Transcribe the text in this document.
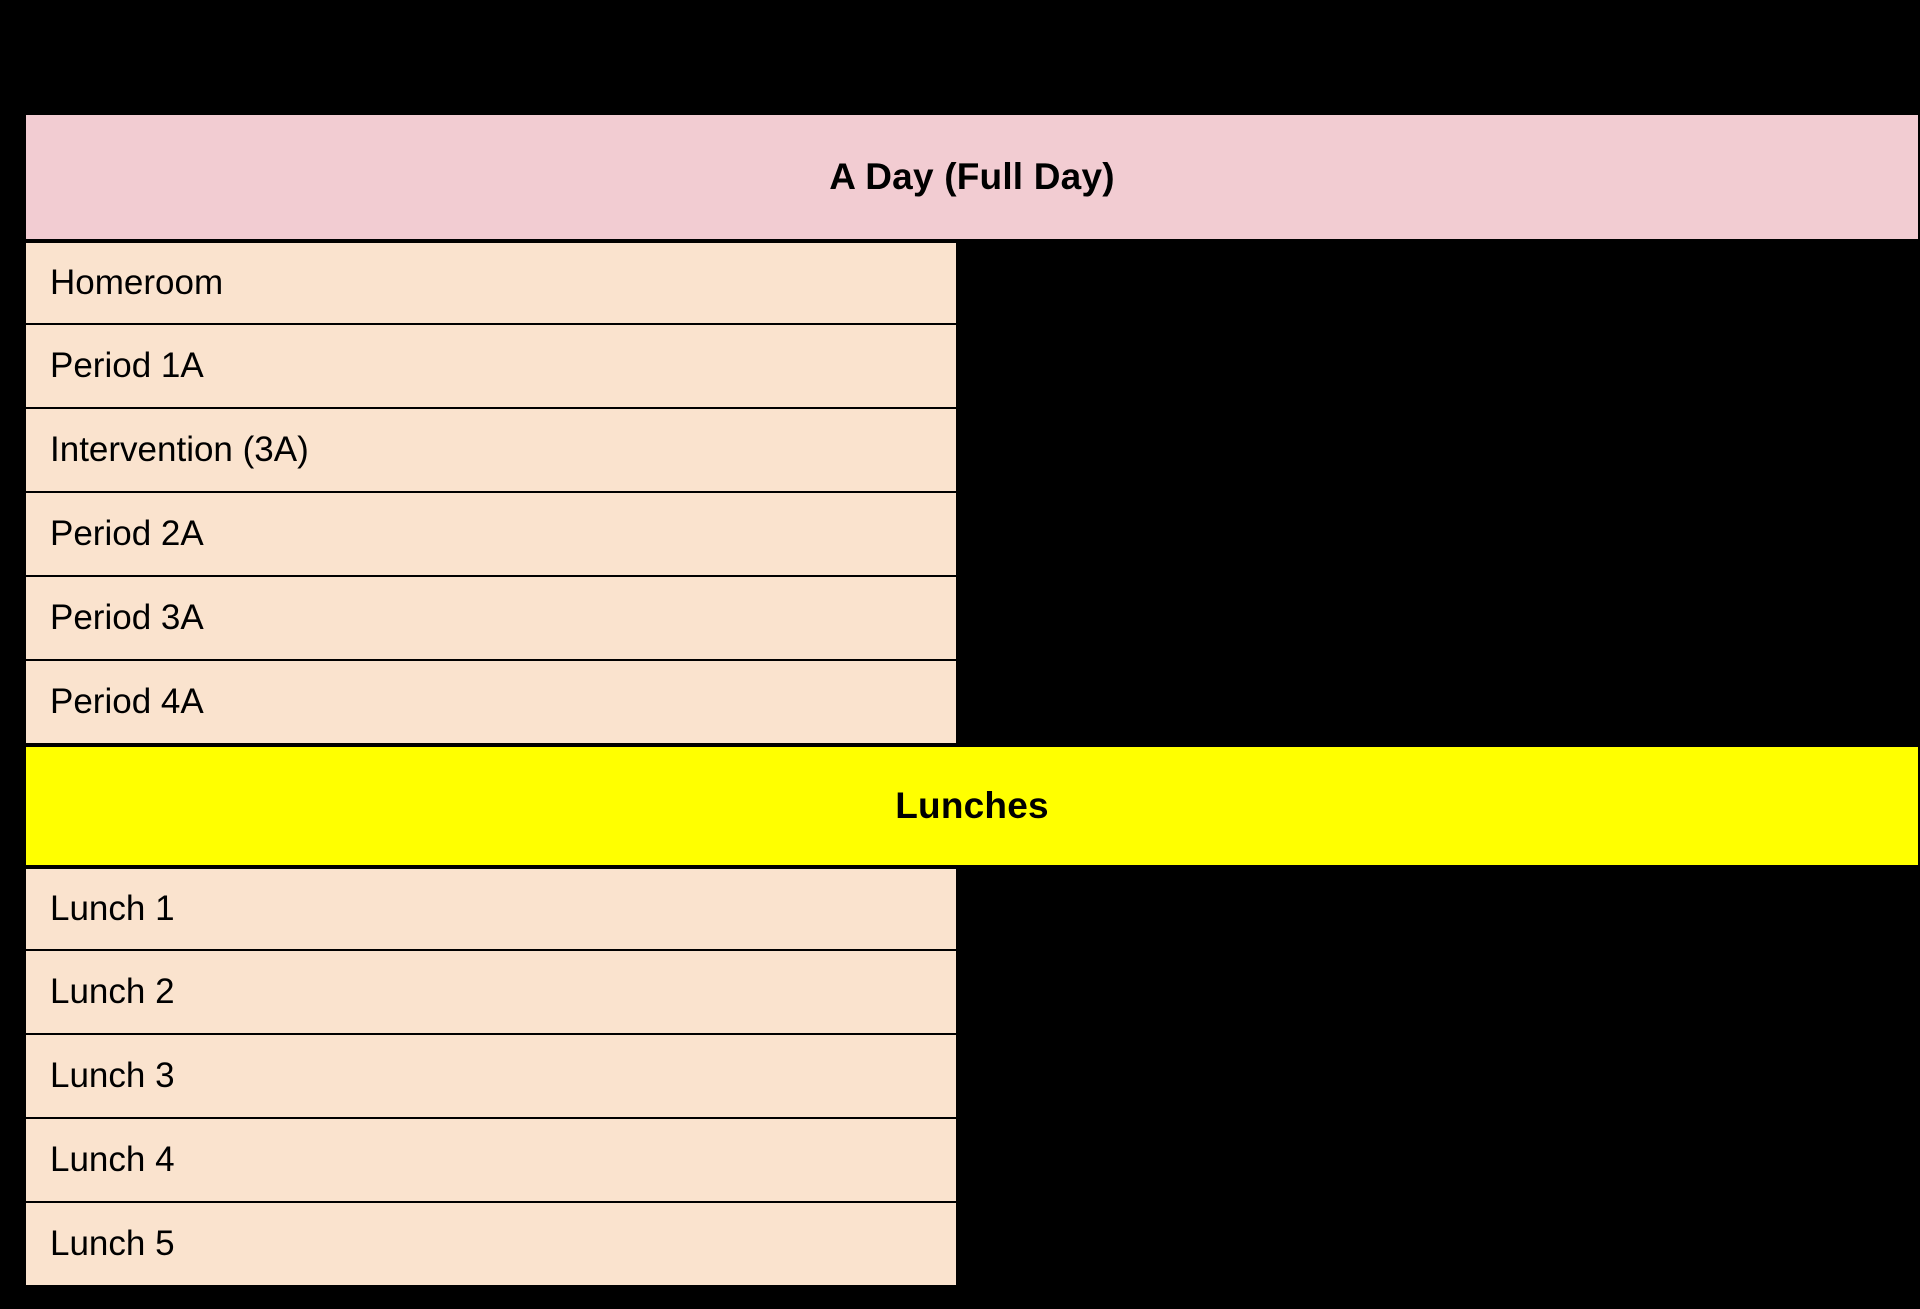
A Day (Full Day)
Homeroom
Period 1A
Intervention (3A)
Period 2A
Period 3A
Period 4A
Lunches
Lunch 1
Lunch 2
Lunch 3
Lunch 4
Lunch 5
